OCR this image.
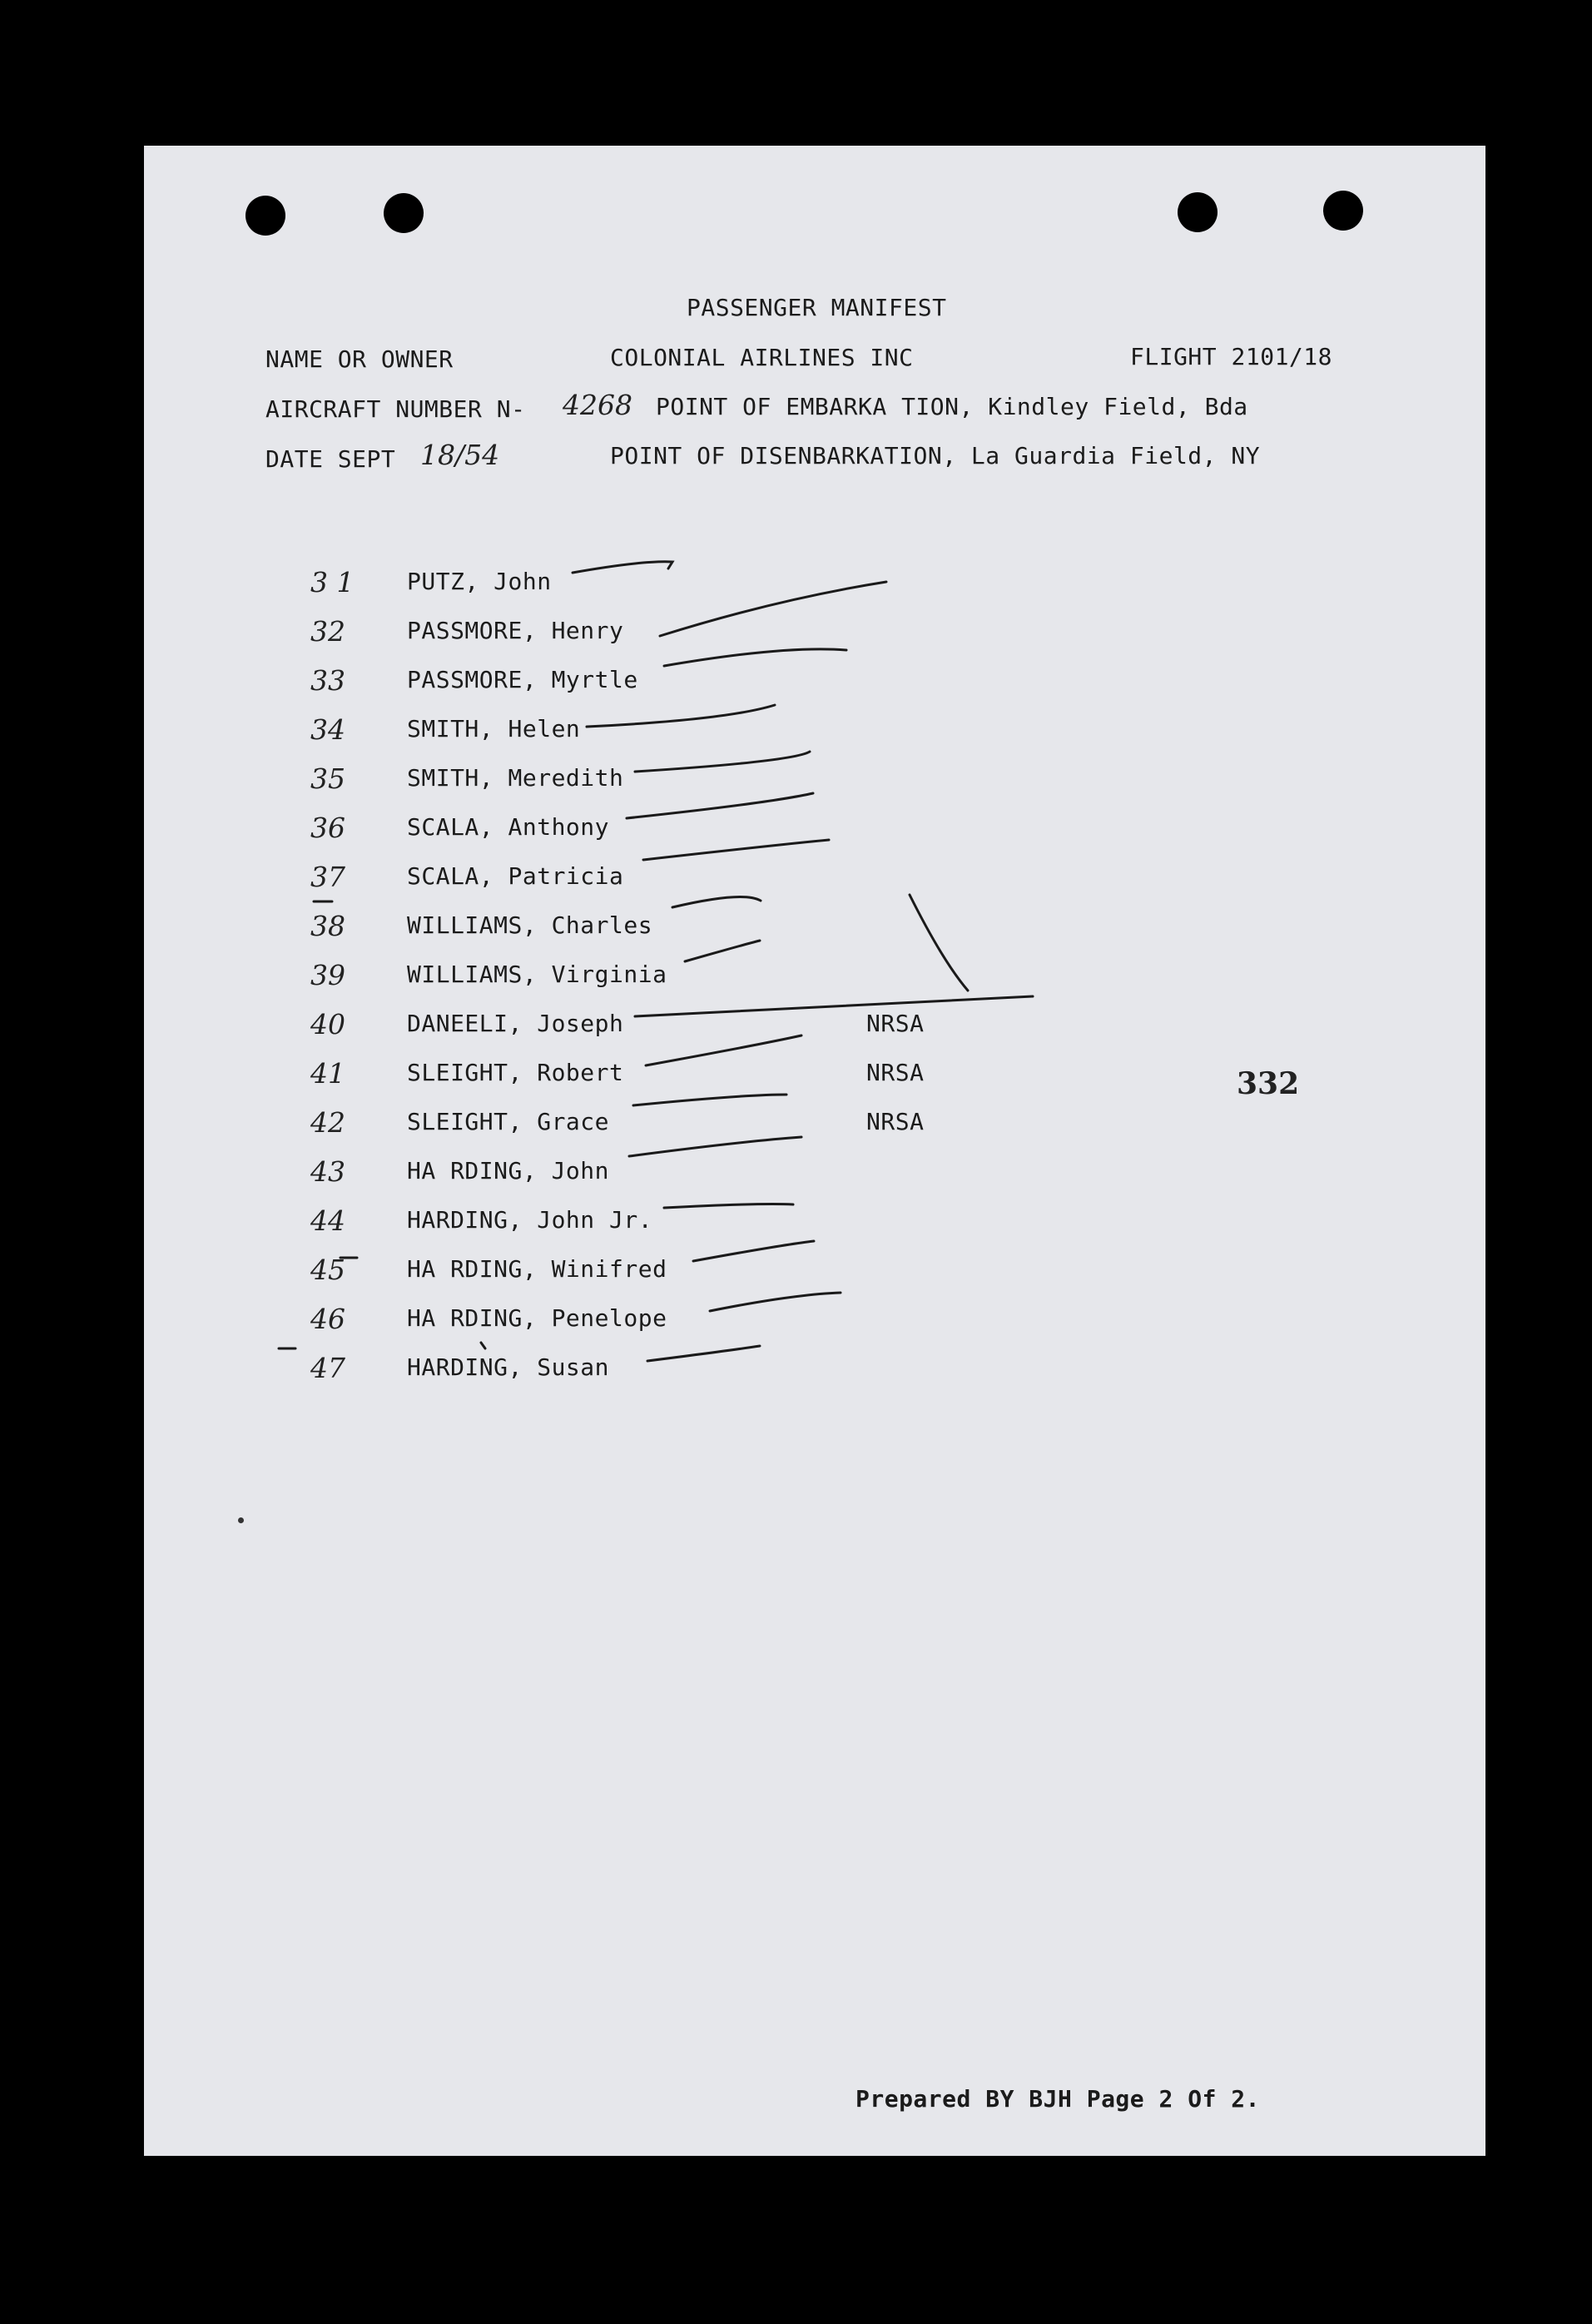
PASSENGER MANIFEST
NAME OR OWNER	COLONIAL AIRLINES INC	FLIGHT 2101/18
AIRCRAFT NUMBER N- 4268 POINT OF EMBARKA TION, Kindley Field, Bda
DATE SEPT 18/54	POINT OF DISENBARKATION, La Guardia Field, NY
3 1 PUTZ, John
32	PASSMORE, Henry
33	PASSMORE, Myrtle
34	SMITH, Helen
35	SMITH, Meredith
36	SCALA, Anthony
37	SCALA, Patricia
38	WILLIAMS, Charles
39	WILLIAMS, Virginia
40	DANEELI, Joseph	NRSA
41	SLEIGHT, Robert	NRSA
42	SLEIGHT, Grace	NRSA
43	HA RDING, John
44	HARDING, John Jr.
45	HA RDING, Winifred
46	HA RDING, Penelope
47	HARDING, Susan
332
Prepared BY BJH Page 2 Of 2.
